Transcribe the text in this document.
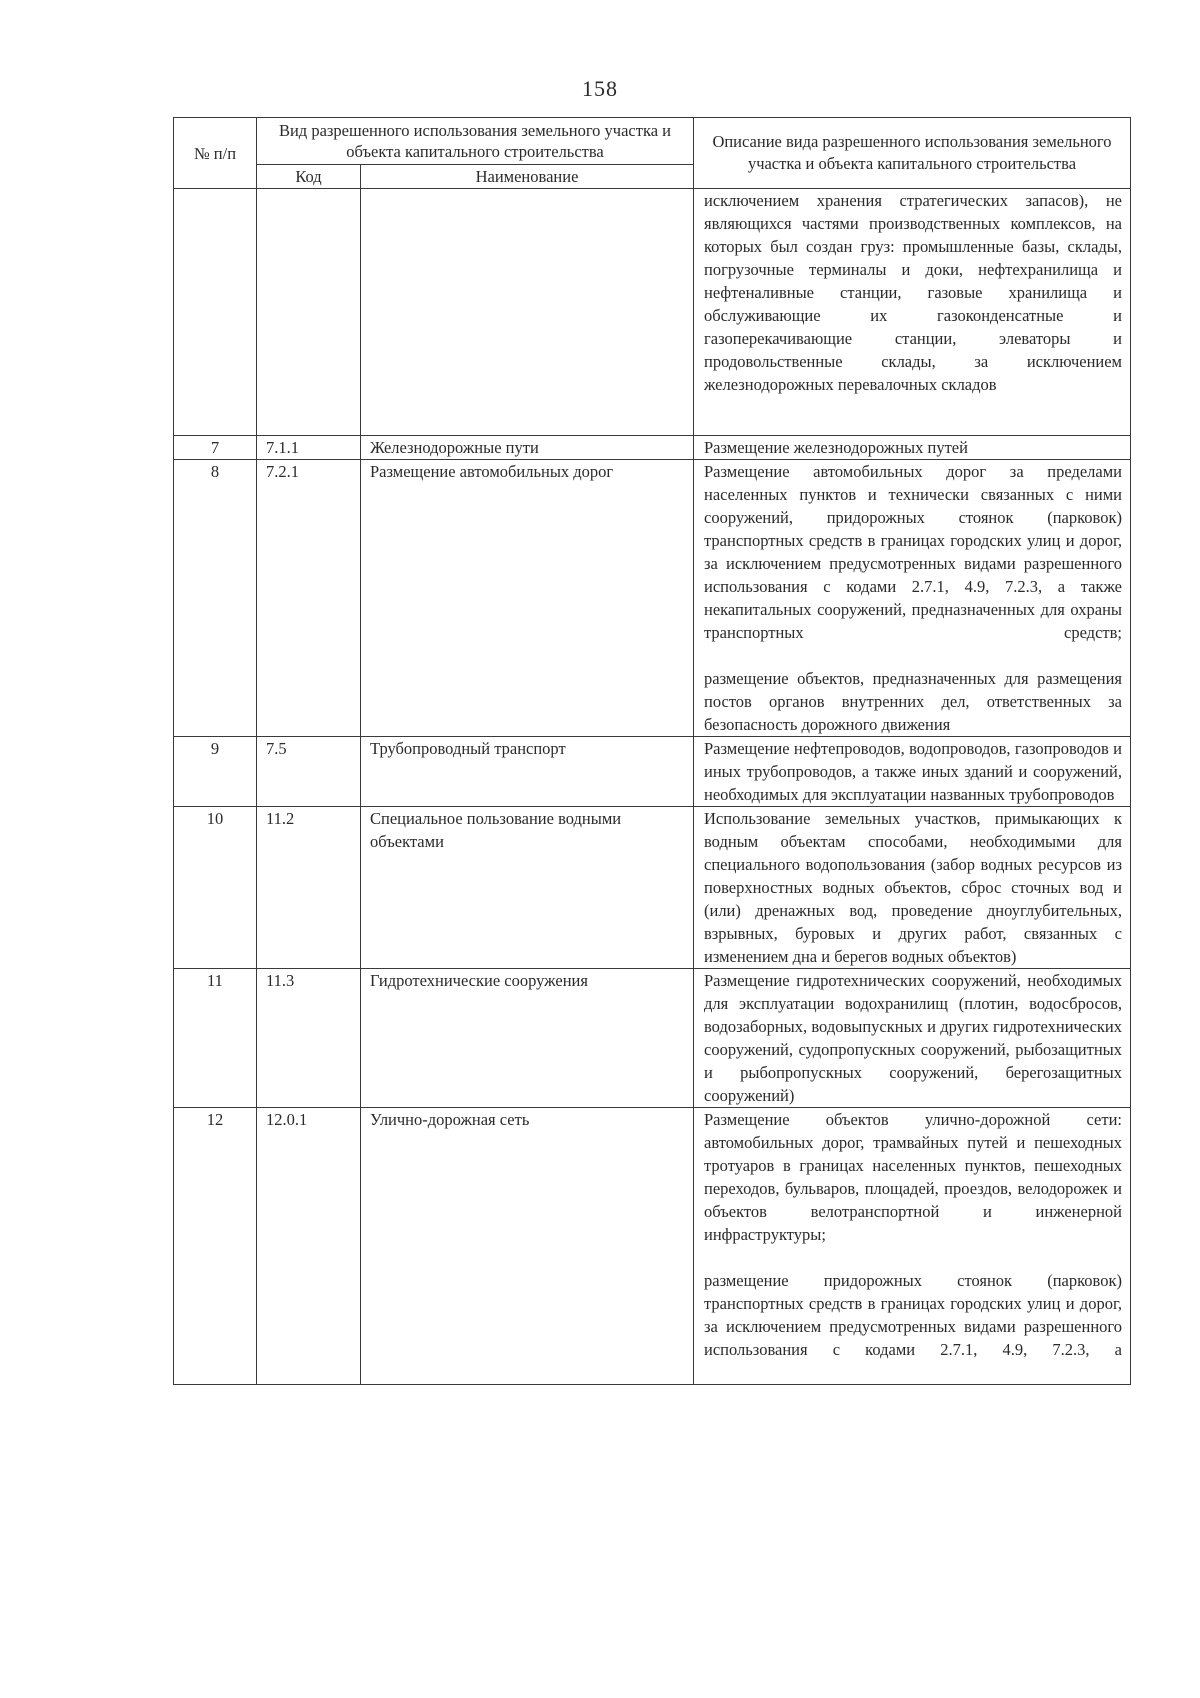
158
№ п/п	Вид разрешенного использования земельного участка и объекта капитального строительства		Описание вида разрешенного использования земельного участка и объекта капитального строительства
	Код	Наименование	

			исключением хранения стратегических запасов), не являющихся частями производственных комплексов, на которых был создан груз: промышленные базы, склады, погрузочные терминалы и доки, нефтехранилища и нефтеналивные станции, газовые хранилища и обслуживающие их газоконденсатные и газоперекачивающие станции, элеваторы и продовольственные склады, за исключением железнодорожных перевалочных складов

7	7.1.1	Железнодорожные пути	Размещение железнодорожных путей

8	7.2.1	Размещение автомобильных дорог	Размещение автомобильных дорог за пределами населенных пунктов и технически связанных с ними сооружений, придорожных стоянок (парковок) транспортных средств в границах городских улиц и дорог, за исключением предусмотренных видами разрешенного использования с кодами 2.7.1, 4.9, 7.2.3, а также некапитальных сооружений, предназначенных для охраны транспортных средств;
размещение объектов, предназначенных для размещения постов органов внутренних дел, ответственных за безопасность дорожного движения

9	7.5	Трубопроводный транспорт	Размещение нефтепроводов, водопроводов, газопроводов и иных трубопроводов, а также иных зданий и сооружений, необходимых для эксплуатации названных трубопроводов

10	11.2	Специальное пользование водными объектами	Использование земельных участков, примыкающих к водным объектам способами, необходимыми для специального водопользования (забор водных ресурсов из поверхностных водных объектов, сброс сточных вод и (или) дренажных вод, проведение дноуглубительных, взрывных, буровых и других работ, связанных с изменением дна и берегов водных объектов)

11	11.3	Гидротехнические сооружения	Размещение гидротехнических сооружений, необходимых для эксплуатации водохранилищ (плотин, водосбросов, водозаборных, водовыпускных и других гидротехнических сооружений, судопропускных сооружений, рыбозащитных и рыбопропускных сооружений, берегозащитных сооружений)

12	12.0.1	Улично-дорожная сеть	Размещение объектов улично-дорожной сети: автомобильных дорог, трамвайных путей и пешеходных тротуаров в границах населенных пунктов, пешеходных переходов, бульваров, площадей, проездов, велодорожек и объектов велотранспортной и инженерной инфраструктуры;
размещение придорожных стоянок (парковок) транспортных средств в границах городских улиц и дорог, за исключением предусмотренных видами разрешенного использования с кодами 2.7.1, 4.9, 7.2.3, а
